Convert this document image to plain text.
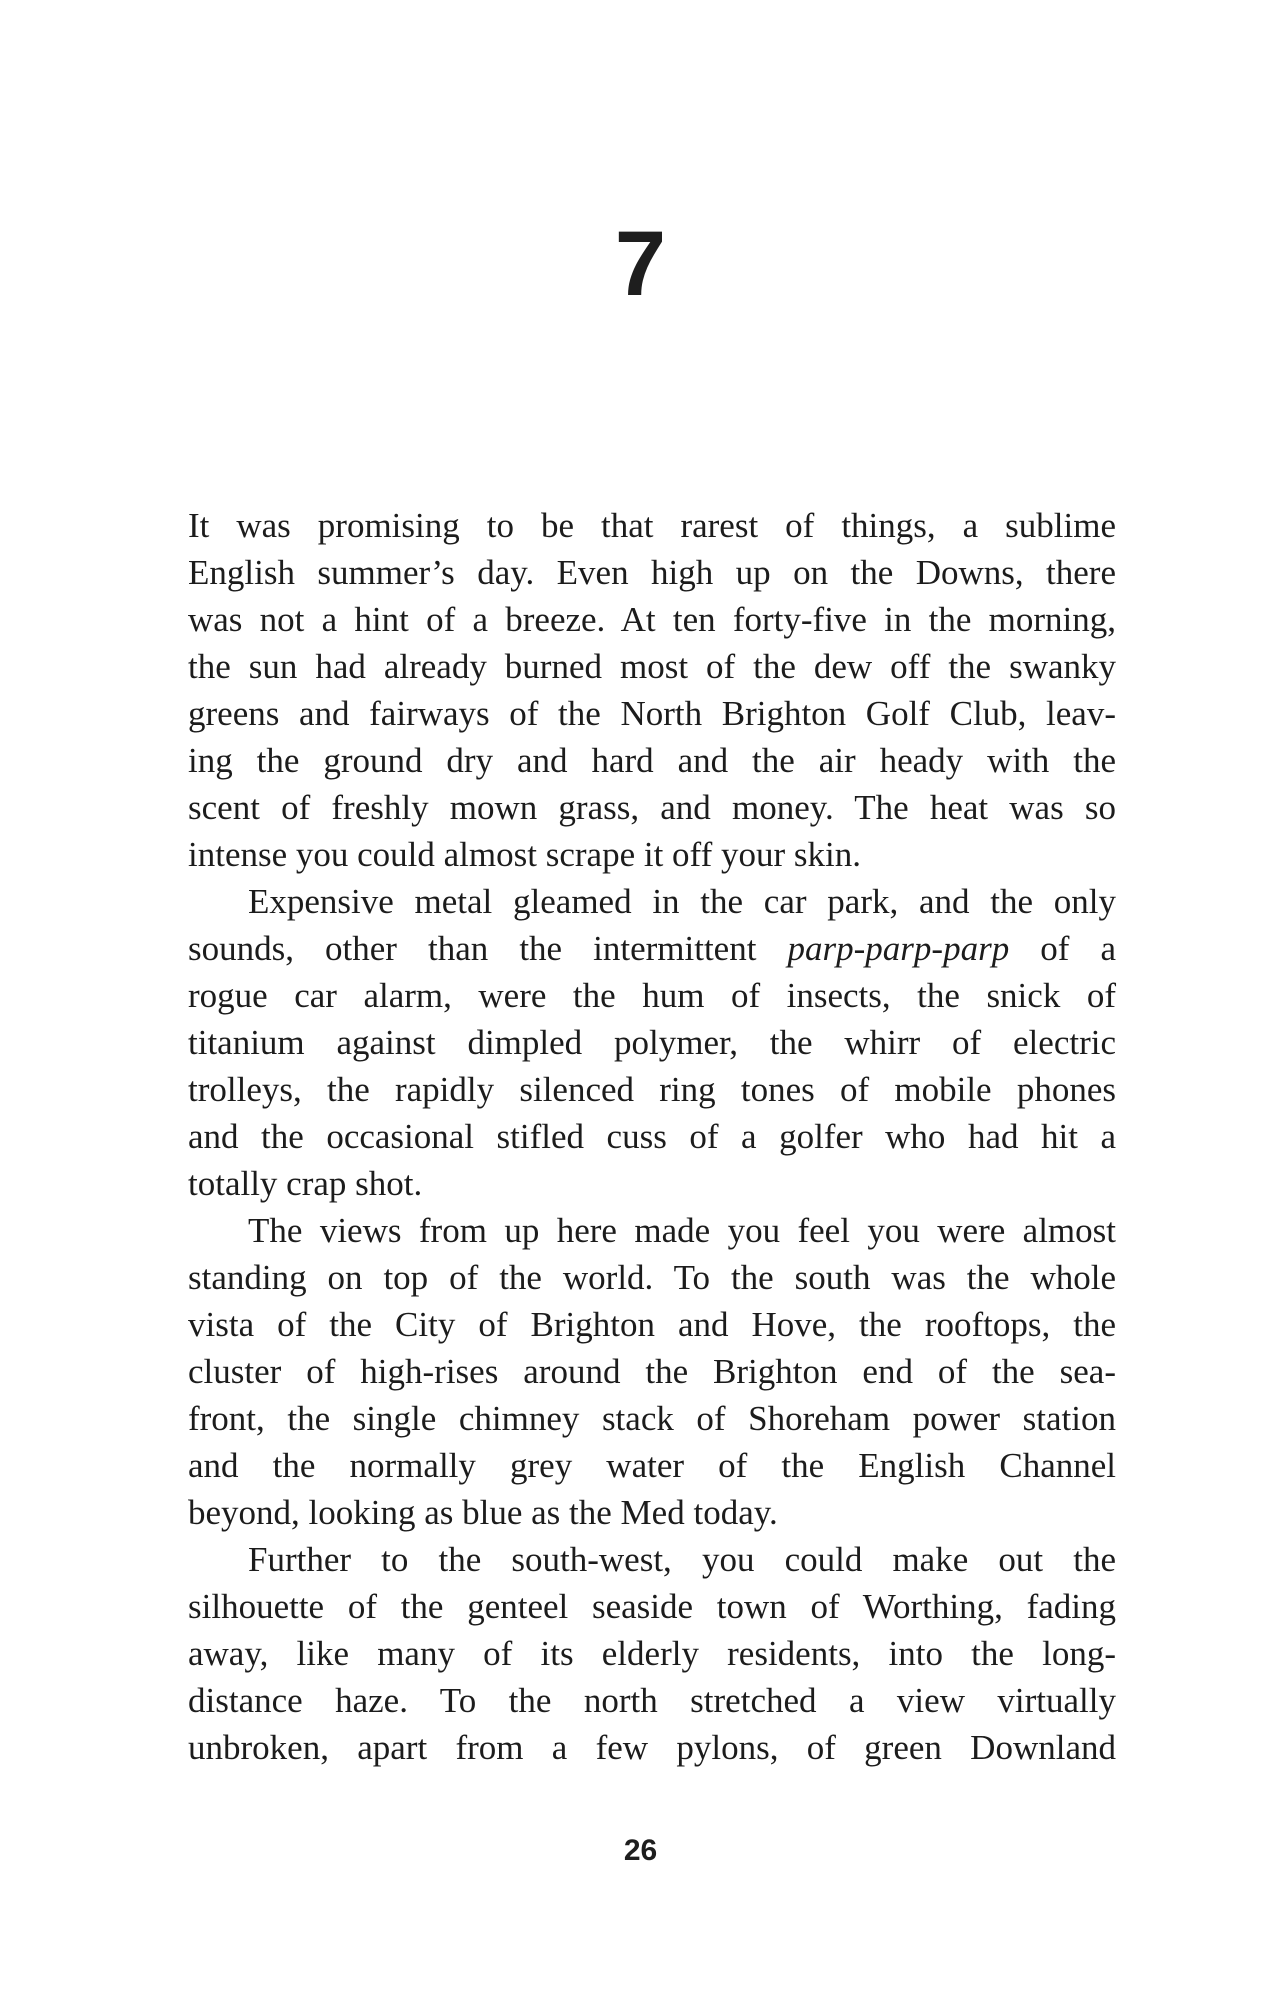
7
It was promising to be that rarest of things, a sublime
English summer’s day. Even high up on the Downs, there
was not a hint of a breeze. At ten forty-five in the morning,
the sun had already burned most of the dew off the swanky
greens and fairways of the North Brighton Golf Club, leav-
ing the ground dry and hard and the air heady with the
scent of freshly mown grass, and money. The heat was so
intense you could almost scrape it off your skin.
Expensive metal gleamed in the car park, and the only
sounds, other than the intermittent parp-parp-parp of a
rogue car alarm, were the hum of insects, the snick of
titanium against dimpled polymer, the whirr of electric
trolleys, the rapidly silenced ring tones of mobile phones
and the occasional stifled cuss of a golfer who had hit a
totally crap shot.
The views from up here made you feel you were almost
standing on top of the world. To the south was the whole
vista of the City of Brighton and Hove, the rooftops, the
cluster of high-rises around the Brighton end of the sea-
front, the single chimney stack of Shoreham power station
and the normally grey water of the English Channel
beyond, looking as blue as the Med today.
Further to the south-west, you could make out the
silhouette of the genteel seaside town of Worthing, fading
away, like many of its elderly residents, into the long-
distance haze. To the north stretched a view virtually
unbroken, apart from a few pylons, of green Downland
26
